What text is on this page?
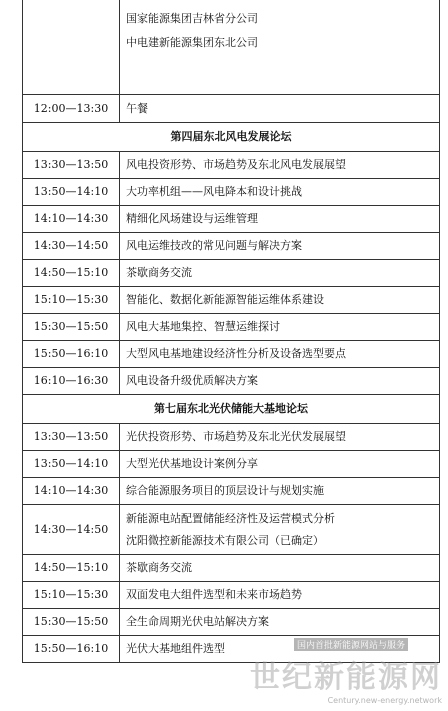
	国家能源集团吉林省分公司
中电建新能源集团东北公司

12:00—13:30	午餐
第四届东北风电发展论坛	
13:30—13:50	风电投资形势、市场趋势及东北风电发展展望
13:50—14:10	大功率机组——风电降本和设计挑战
14:10—14:30	精细化风场建设与运维管理
14:30—14:50	风电运维技改的常见问题与解决方案
14:50—15:10	茶歇商务交流
15:10—15:30	智能化、数据化新能源智能运维体系建设
15:30—15:50	风电大基地集控、智慧运维探讨
15:50—16:10	大型风电基地建设经济性分析及设备选型要点
16:10—16:30	风电设备升级优质解决方案
第七届东北光伏储能大基地论坛	
13:30—13:50	光伏投资形势、市场趋势及东北光伏发展展望
13:50—14:10	大型光伏基地设计案例分享
14:10—14:30	综合能源服务项目的顶层设计与规划实施
14:30—14:50	新能源电站配置储能经济性及运营模式分析
沈阳微控新能源技术有限公司（已确定）

14:50—15:10	茶歇商务交流
15:10—15:30	双面发电大组件选型和未来市场趋势
15:30—15:50	全生命周期光伏电站解决方案
15:50—16:10	光伏大基地组件选型	国内首批新能源网站与服务
世纪新能源网
Century.new-energy.network
